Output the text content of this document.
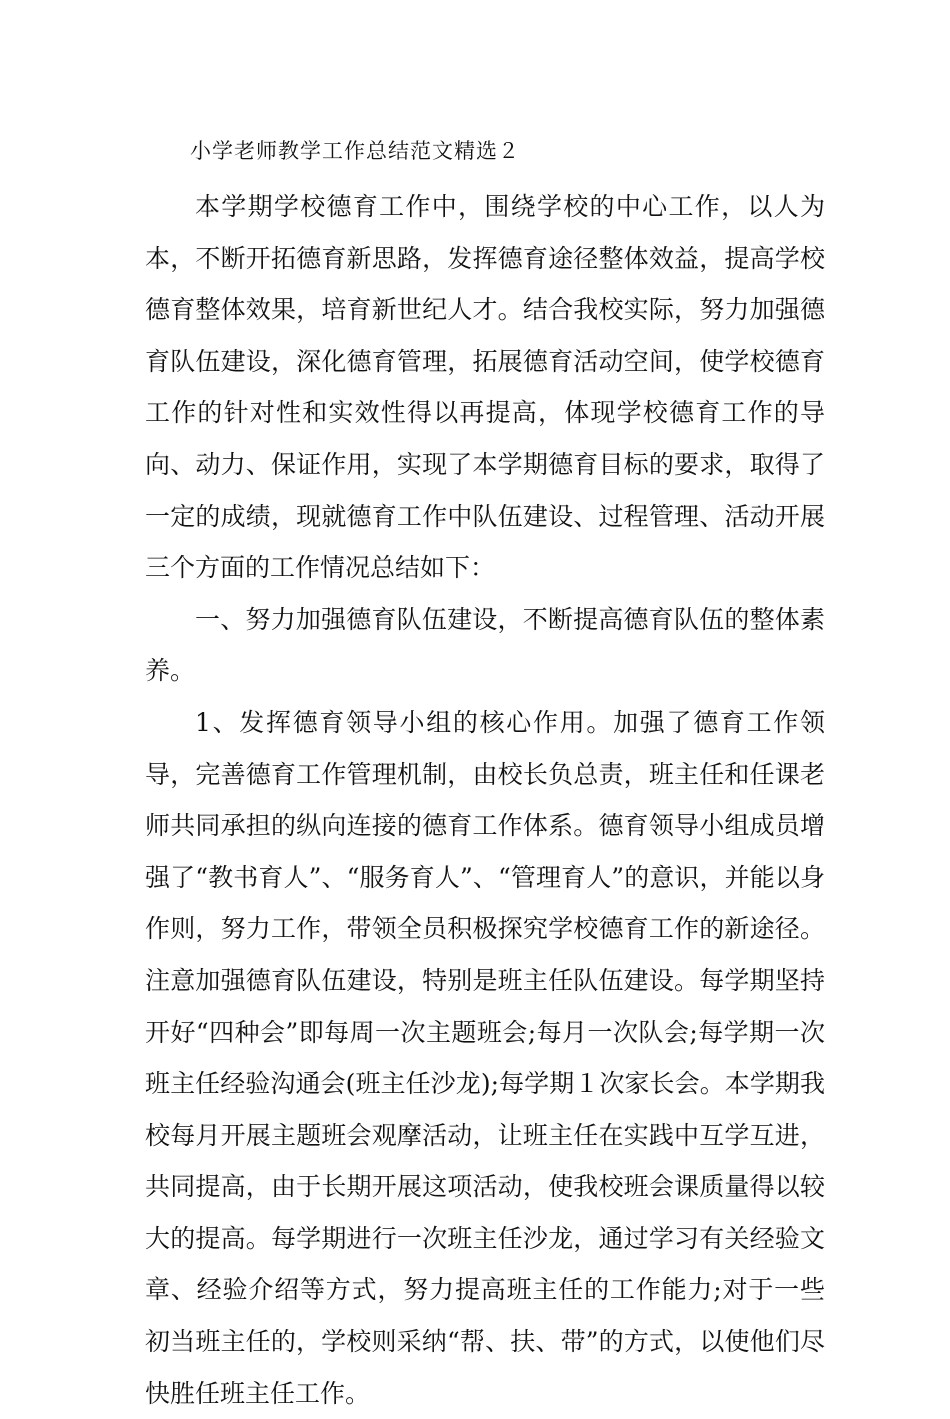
小学老师教学工作总结范文精选２

本学期学校德育工作中，围绕学校的中心工作，以人为本，不断开拓德育新思路，发挥德育途径整体效益，提高学校德育整体效果，培育新世纪人才。结合我校实际，努力加强德育队伍建设，深化德育管理，拓展德育活动空间，使学校德育工作的针对性和实效性得以再提高，体现学校德育工作的导向、动力、保证作用，实现了本学期德育目标的要求，取得了一定的成绩，现就德育工作中队伍建设、过程管理、活动开展三个方面的工作情况总结如下：

一、努力加强德育队伍建设，不断提高德育队伍的整体素养。

1、发挥德育领导小组的核心作用。加强了德育工作领导，完善德育工作管理机制，由校长负总责，班主任和任课老师共同承担的纵向连接的德育工作体系。德育领导小组成员增强了“教书育人”、“服务育人”、“管理育人”的意识，并能以身作则，努力工作，带领全员积极探究学校德育工作的新途径。注意加强德育队伍建设，特别是班主任队伍建设。每学期坚持开好“四种会”即每周一次主题班会;每月一次队会;每学期一次班主任经验沟通会(班主任沙龙);每学期１次家长会。本学期我校每月开展主题班会观摩活动，让班主任在实践中互学互进，共同提高，由于长期开展这项活动，使我校班会课质量得以较大的提高。每学期进行一次班主任沙龙，通过学习有关经验文章、经验介绍等方式，努力提高班主任的工作能力;对于一些初当班主任的，学校则采纳“帮、扶、带”的方式，以使他们尽快胜任班主任工作。
